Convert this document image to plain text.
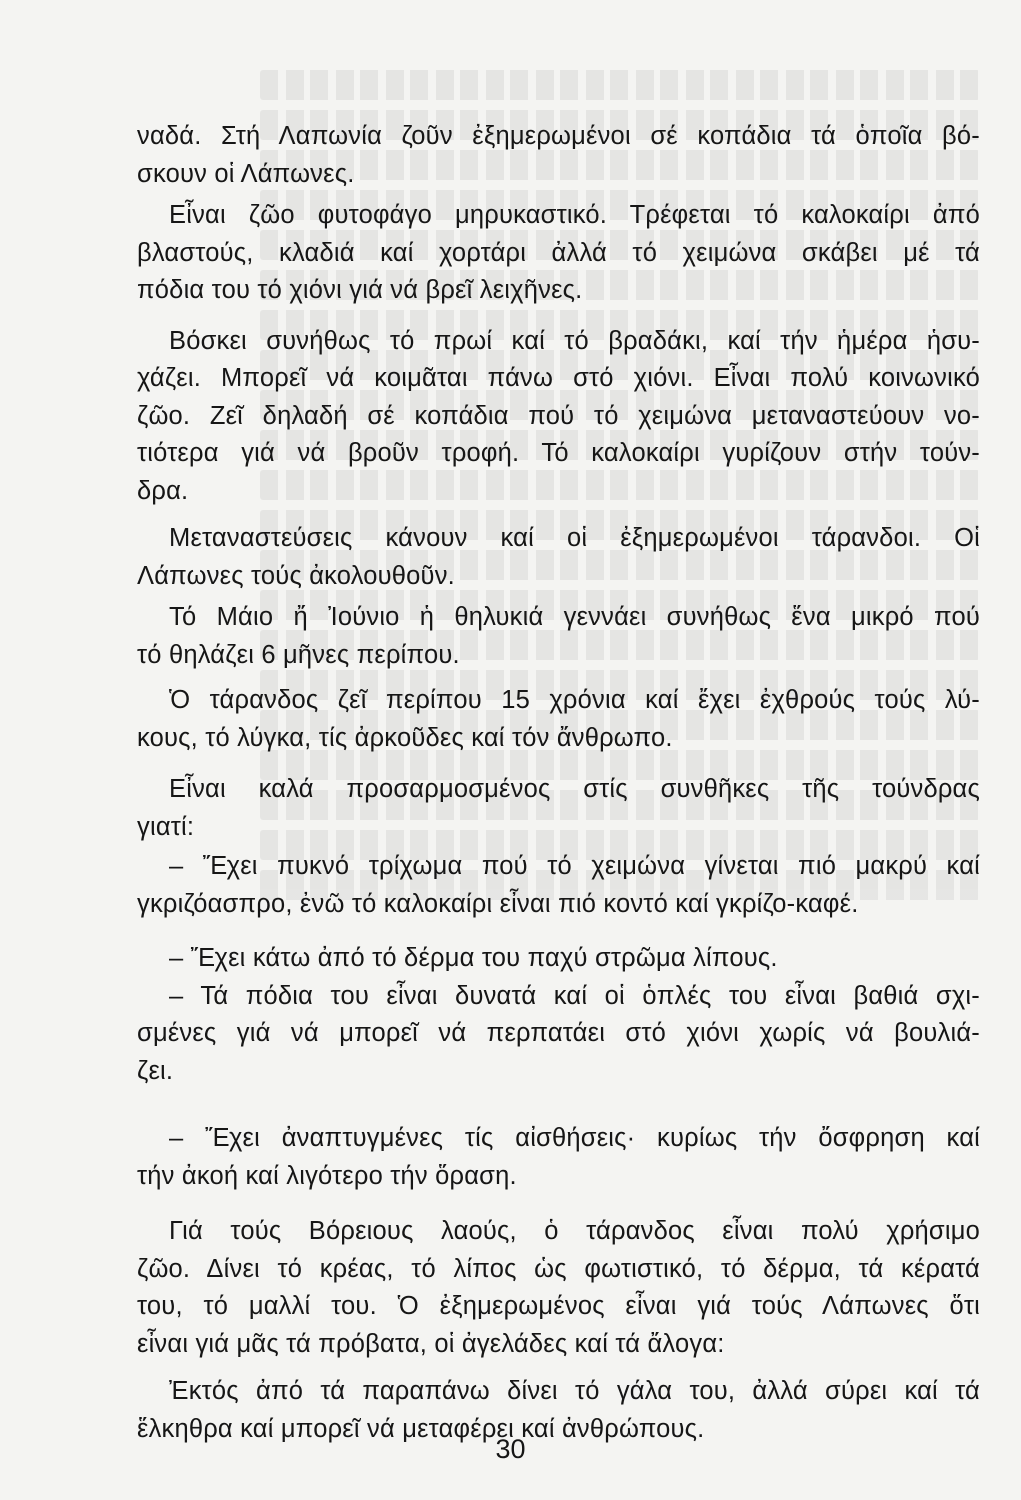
ναδά. Στή Λαπωνία ζοῦν ἐξημερωμένοι σέ κοπάδια τά ὁποῖα βό-
σκουν οἱ Λάπωνες.

Εἶναι ζῶο φυτοφάγο μηρυκαστικό. Τρέφεται τό καλοκαίρι ἀπό
βλαστούς, κλαδιά καί χορτάρι ἀλλά τό χειμώνα σκάβει μέ τά
πόδια του τό χιόνι γιά νά βρεῖ λειχῆνες.

Βόσκει συνήθως τό πρωί καί τό βραδάκι, καί τήν ἡμέρα ἡσυ-
χάζει. Μπορεῖ νά κοιμᾶται πάνω στό χιόνι. Εἶναι πολύ κοινωνικό
ζῶο. Ζεῖ δηλαδή σέ κοπάδια πού τό χειμώνα μεταναστεύουν νο-
τιότερα γιά νά βροῦν τροφή. Τό καλοκαίρι γυρίζουν στήν τούν-
δρα.

Μεταναστεύσεις κάνουν καί οἱ ἐξημερωμένοι τάρανδοι. Οἱ
Λάπωνες τούς ἀκολουθοῦν.

Τό Μάιο ἤ Ἰούνιο ἡ θηλυκιά γεννάει συνήθως ἕνα μικρό πού
τό θηλάζει 6 μῆνες περίπου.

Ὁ τάρανδος ζεῖ περίπου 15 χρόνια καί ἔχει ἐχθρούς τούς λύ-
κους, τό λύγκα, τίς ἀρκοῦδες καί τόν ἄνθρωπο.

Εἶναι καλά προσαρμοσμένος στίς συνθῆκες τῆς τούνδρας
γιατί:

– Ἔχει πυκνό τρίχωμα πού τό χειμώνα γίνεται πιό μακρύ καί
γκριζόασπρο, ἐνῶ τό καλοκαίρι εἶναι πιό κοντό καί γκρίζο-καφέ.

– Ἔχει κάτω ἀπό τό δέρμα του παχύ στρῶμα λίπους.

– Τά πόδια του εἶναι δυνατά καί οἱ ὁπλές του εἶναι βαθιά σχι-
σμένες γιά νά μπορεῖ νά περπατάει στό χιόνι χωρίς νά βουλιά-
ζει.

– Ἔχει ἀναπτυγμένες τίς αἰσθήσεις· κυρίως τήν ὄσφρηση καί
τήν ἀκοή καί λιγότερο τήν ὅραση.

Γιά τούς Βόρειους λαούς, ὁ τάρανδος εἶναι πολύ χρήσιμο
ζῶο. Δίνει τό κρέας, τό λίπος ὡς φωτιστικό, τό δέρμα, τά κέρατά
του, τό μαλλί του. Ὁ ἐξημερωμένος εἶναι γιά τούς Λάπωνες ὅτι
εἶναι γιά μᾶς τά πρόβατα, οἱ ἀγελάδες καί τά ἄλογα:

Ἐκτός ἀπό τά παραπάνω δίνει τό γάλα του, ἀλλά σύρει καί τά
ἕλκηθρα καί μπορεῖ νά μεταφέρει καί ἀνθρώπους.

30
